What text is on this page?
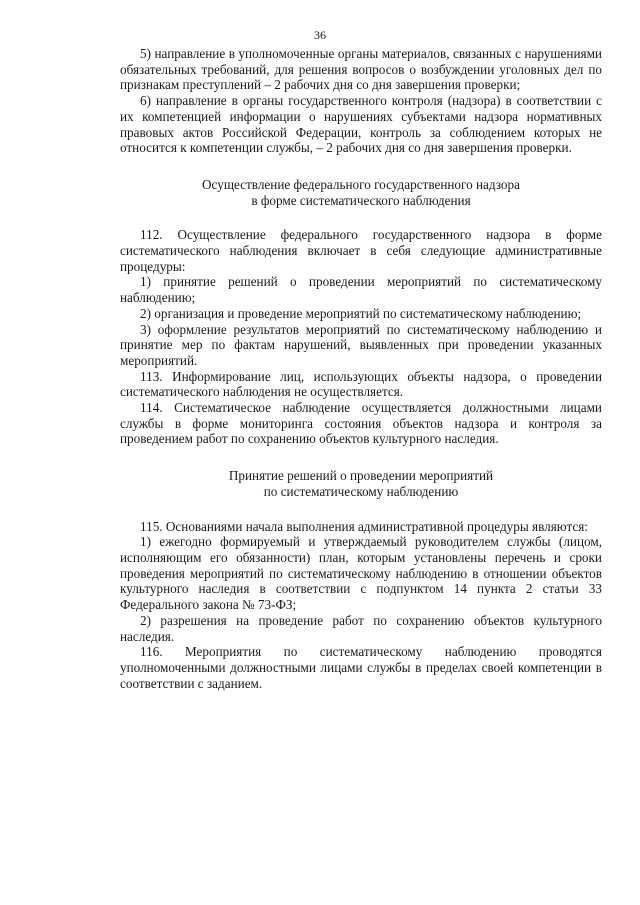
36

5) направление в уполномоченные органы материалов, связанных с нарушениями обязательных требований, для решения вопросов о возбуждении уголовных дел по признакам преступлений – 2 рабочих дня со дня завершения проверки;

6) направление в органы государственного контроля (надзора) в соответствии с их компетенцией информации о нарушениях субъектами надзора нормативных правовых актов Российской Федерации, контроль за соблюдением которых не относится к компетенции службы, – 2 рабочих дня со дня завершения проверки.

Осуществление федерального государственного надзора

в форме систематического наблюдения

112. Осуществление федерального государственного надзора в форме систематического наблюдения включает в себя следующие административные процедуры:

1) принятие решений о проведении мероприятий по систематическому наблюдению;

2) организация и проведение мероприятий по систематическому наблюдению;

3) оформление результатов мероприятий по систематическому наблюдению и принятие мер по фактам нарушений, выявленных при проведении указанных мероприятий.

113. Информирование лиц, использующих объекты надзора, о проведении систематического наблюдения не осуществляется.

114. Систематическое наблюдение осуществляется должностными лицами службы в форме мониторинга состояния объектов надзора и контроля за проведением работ по сохранению объектов культурного наследия.

Принятие решений о проведении мероприятий

по систематическому наблюдению

115. Основаниями начала выполнения административной процедуры являются:

1) ежегодно формируемый и утверждаемый руководителем службы (лицом, исполняющим его обязанности) план, которым установлены перечень и сроки проведения мероприятий по систематическому наблюдению в отношении объектов культурного наследия в соответствии с подпунктом 14 пункта 2 статьи 33 Федерального закона № 73-ФЗ;

2) разрешения на проведение работ по сохранению объектов культурного наследия.

116. Мероприятия по систематическому наблюдению проводятся уполномоченными должностными лицами службы в пределах своей компетенции в соответствии с заданием.
